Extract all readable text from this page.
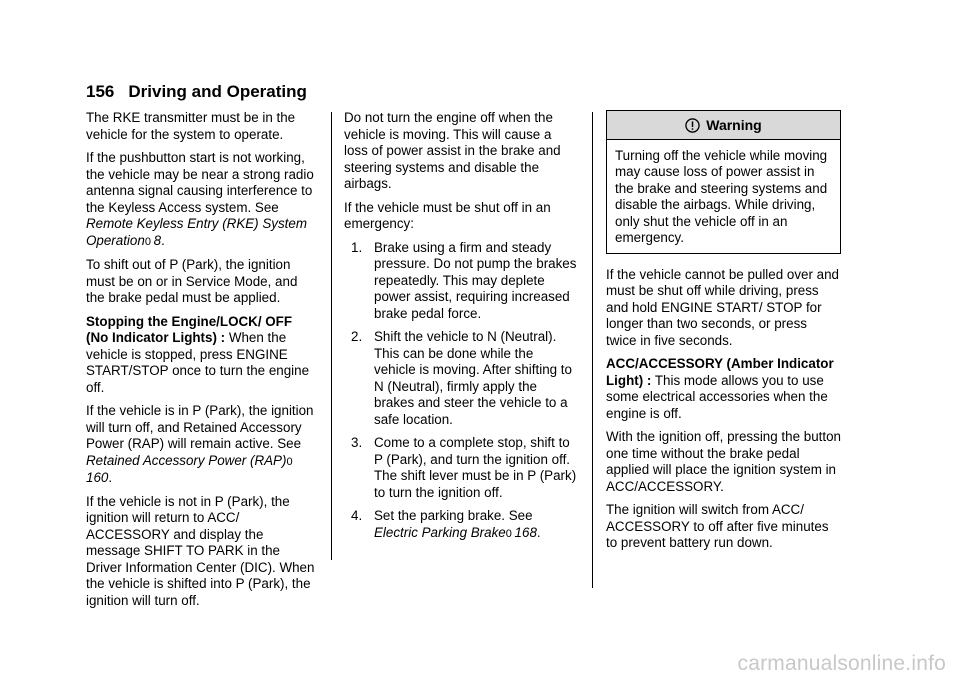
156 Driving and Operating

The RKE transmitter must be in the vehicle for the system to operate.

If the pushbutton start is not working, the vehicle may be near a strong radio antenna signal causing interference to the Keyless Access system. See Remote Keyless Entry (RKE) System Operation0  8.

To shift out of P (Park), the ignition must be on or in Service Mode, and the brake pedal must be applied.

Stopping the Engine/LOCK/ OFF (No Indicator Lights) : When the vehicle is stopped, press ENGINE START/STOP once to turn the engine off.

If the vehicle is in P (Park), the ignition will turn off, and Retained Accessory Power (RAP) will remain active. See Retained Accessory Power (RAP)0 160.

If the vehicle is not in P (Park), the ignition will return to ACC/ ACCESSORY and display the message SHIFT TO PARK in the Driver Information Center (DIC). When the vehicle is shifted into P (Park), the ignition will turn off.

Do not turn the engine off when the vehicle is moving. This will cause a loss of power assist in the brake and steering systems and disable the airbags.

If the vehicle must be shut off in an emergency:

1. Brake using a firm and steady pressure. Do not pump the brakes repeatedly. This may deplete power assist, requiring increased brake pedal force.
2. Shift the vehicle to N (Neutral). This can be done while the vehicle is moving. After shifting to N (Neutral), firmly apply the brakes and steer the vehicle to a safe location.
3. Come to a complete stop, shift to P (Park), and turn the ignition off. The shift lever must be in P (Park) to turn the ignition off.
4. Set the parking brake. See Electric Parking Brake0  168.
Warning
Turning off the vehicle while moving may cause loss of power assist in the brake and steering systems and disable the airbags. While driving, only shut the vehicle off in an emergency.

If the vehicle cannot be pulled over and must be shut off while driving, press and hold ENGINE START/ STOP for longer than two seconds, or press twice in five seconds.

ACC/ACCESSORY (Amber Indicator Light) : This mode allows you to use some electrical accessories when the engine is off.

With the ignition off, pressing the button one time without the brake pedal applied will place the ignition system in ACC/ACCESSORY.

The ignition will switch from ACC/ ACCESSORY to off after five minutes to prevent battery run down.

carmanualsonline.info
